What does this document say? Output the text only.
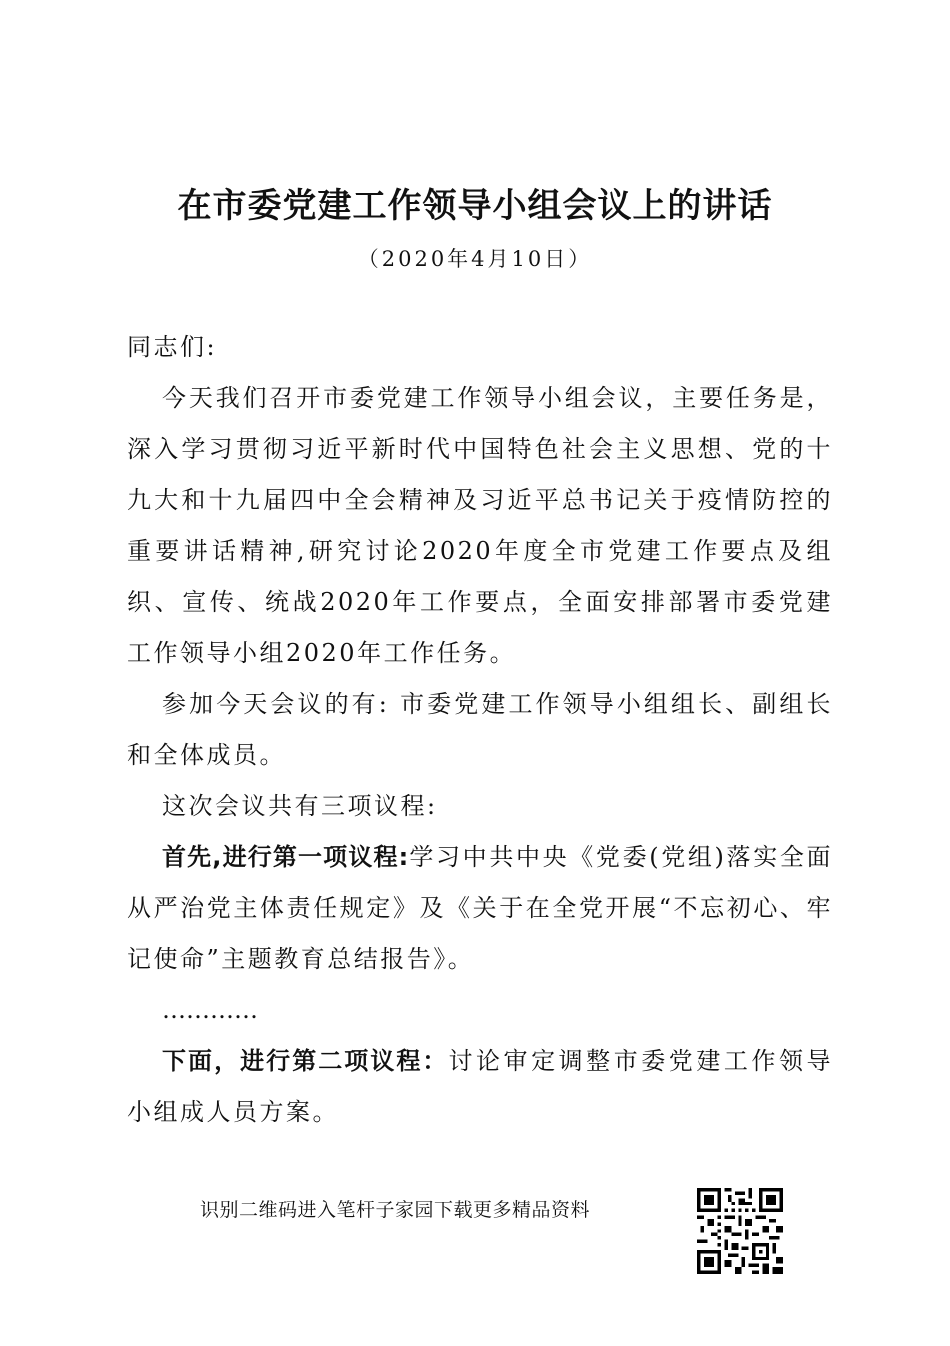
在市委党建工作领导小组会议上的讲话
（2020年4月10日）

同志们:

今天我们召开市委党建工作领导小组会议，主要任务是，深入学习贯彻习近平新时代中国特色社会主义思想、党的十九大和十九届四中全会精神及习近平总书记关于疫情防控的重要讲话精神,研究讨论2020年度全市党建工作要点及组织、宣传、统战2020年工作要点，全面安排部署市委党建工作领导小组2020年工作任务。

参加今天会议的有: 市委党建工作领导小组组长、副组长和全体成员。

这次会议共有三项议程:

首先,进行第一项议程:学习中共中央《党委(党组)落实全面从严治党主体责任规定》及《关于在全党开展“不忘初心、牢记使命”主题教育总结报告》。

…………

下面，进行第二项议程：讨论审定调整市委党建工作领导小组成人员方案。

识别二维码进入笔杆子家园下载更多精品资料
